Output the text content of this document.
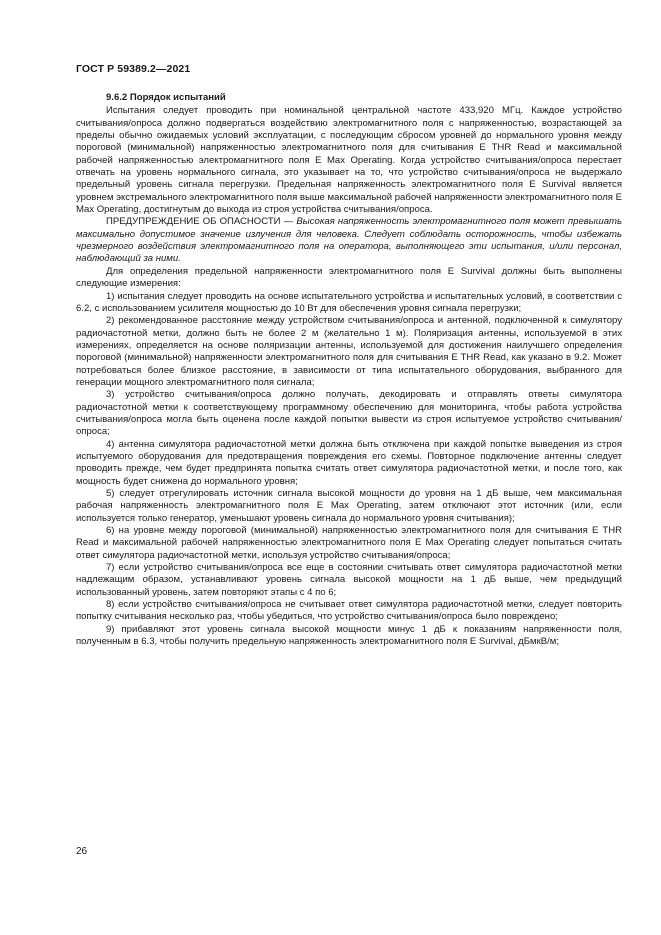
ГОСТ Р 59389.2—2021
9.6.2 Порядок испытаний

Испытания следует проводить при номинальной центральной частоте 433,920 МГц. Каждое устройство считывания/опроса должно подвергаться воздействию электромагнитного поля с напряженностью, возрастающей за пределы обычно ожидаемых условий эксплуатации, с последующим сбросом уровней до нормального уровня между пороговой (минимальной) напряженностью электромагнитного поля для считывания E THR Read и максимальной рабочей напряженностью электромагнитного поля E Max Operating. Когда устройство считывания/опроса перестает отвечать на уровень нормального сигнала, это указывает на то, что устройство считывания/опроса не выдержало предельный уровень сигнала перегрузки. Предельная напряженность электромагнитного поля E Survival является уровнем экстремального электромагнитного поля выше максимальной рабочей напряженности электромагнитного поля E Max Operating, достигнутым до выхода из строя устройства считывания/опроса.

ПРЕДУПРЕЖДЕНИЕ ОБ ОПАСНОСТИ — Высокая напряженность электромагнитного поля может превышать максимально допустимое значение излучения для человека. Следует соблюдать осторожность, чтобы избежать чрезмерного воздействия электромагнитного поля на оператора, выполняющего эти испытания, и/или персонал, наблюдающий за ними.

Для определения предельной напряженности электромагнитного поля E Survival должны быть выполнены следующие измерения:

1) испытания следует проводить на основе испытательного устройства и испытательных условий, в соответствии с 6.2, с использованием усилителя мощностью до 10 Вт для обеспечения уровня сигнала перегрузки;

2) рекомендованное расстояние между устройством считывания/опроса и антенной, подключенной к симулятору радиочастотной метки, должно быть не более 2 м (желательно 1 м). Поляризация антенны, используемой в этих измерениях, определяется на основе поляризации антенны, используемой для достижения наилучшего определения пороговой (минимальной) напряженности электромагнитного поля для считывания E THR Read, как указано в 9.2. Может потребоваться более близкое расстояние, в зависимости от типа испытательного оборудования, выбранного для генерации мощного электромагнитного поля сигнала;

3) устройство считывания/опроса должно получать, декодировать и отправлять ответы симулятора радиочастотной метки к соответствующему программному обеспечению для мониторинга, чтобы работа устройства считывания/опроса могла быть оценена после каждой попытки вывести из строя испытуемое устройство считывания/опроса;

4) антенна симулятора радиочастотной метки должна быть отключена при каждой попытке выведения из строя испытуемого оборудования для предотвращения повреждения его схемы. Повторное подключение антенны следует проводить прежде, чем будет предпринята попытка считать ответ симулятора радиочастотной метки, и после того, как мощность будет снижена до нормального уровня;

5) следует отрегулировать источник сигнала высокой мощности до уровня на 1 дБ выше, чем максимальная рабочая напряженность электромагнитного поля E Max Operating, затем отключают этот источник (или, если используется только генератор, уменьшают уровень сигнала до нормального уровня считывания);

6) на уровне между пороговой (минимальной) напряженностью электромагнитного поля для считывания E THR Read и максимальной рабочей напряженностью электромагнитного поля E Max Operating следует попытаться считать ответ симулятора радиочастотной метки, используя устройство считывания/опроса;

7) если устройство считывания/опроса все еще в состоянии считывать ответ симулятора радиочастотной метки надлежащим образом, устанавливают уровень сигнала высокой мощности на 1 дБ выше, чем предыдущий использованный уровень, затем повторяют этапы с 4 по 6;

8) если устройство считывания/опроса не считывает ответ симулятора радиочастотной метки, следует повторить попытку считывания несколько раз, чтобы убедиться, что устройство считывания/опроса было повреждено;

9) прибавляют этот уровень сигнала высокой мощности минус 1 дБ к показаниям напряженности поля, полученным в 6.3, чтобы получить предельную напряженность электромагнитного поля E Survival, дБмкВ/м;

26
